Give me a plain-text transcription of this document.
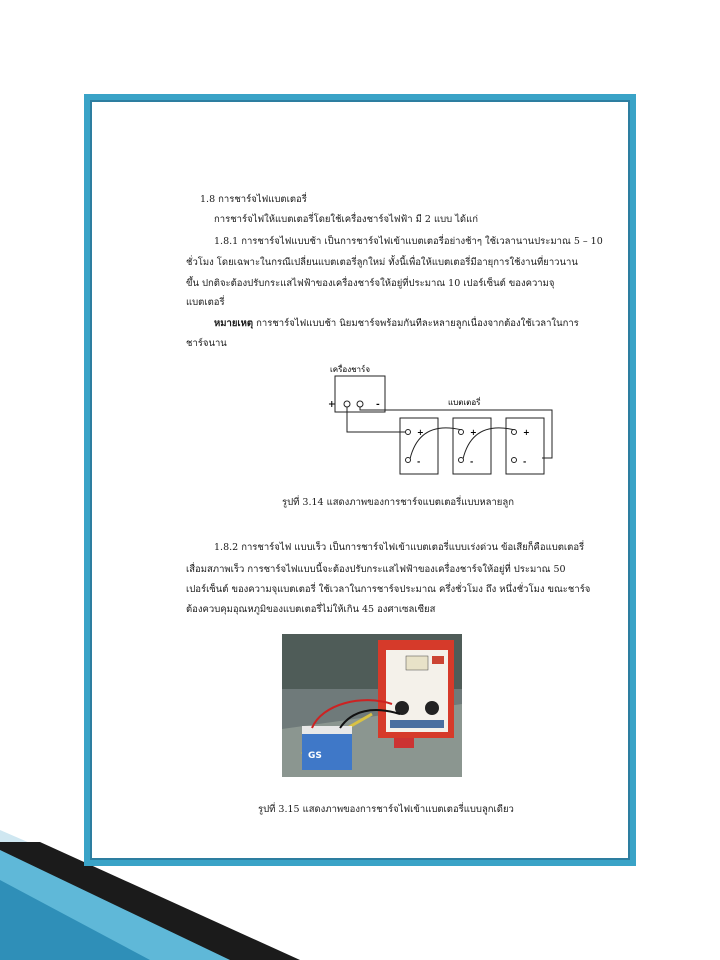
1.8 การชาร์จไฟแบตเตอรี่
การชาร์จไฟให้แบตเตอรี่โดยใช้เครื่องชาร์จไฟฟ้า มี 2 แบบ ได้แก่
1.8.1 การชาร์จไฟแบบช้า เป็นการชาร์จไฟเข้าแบตเตอรี่อย่างช้าๆ ใช้เวลานานประมาณ 5 – 10
ชั่วโมง โดยเฉพาะในกรณีเปลี่ยนแบตเตอรี่ลูกใหม่ ทั้งนี้เพื่อให้แบตเตอรี่มีอายุการใช้งานที่ยาวนาน
ขึ้น ปกติจะต้องปรับกระแสไฟฟ้าของเครื่องชาร์จให้อยู่ที่ประมาณ 10 เปอร์เซ็นต์ ของความจุ
แบตเตอรี่
หมายเหตุ การชาร์จไฟแบบช้า นิยมชาร์จพร้อมกันทีละหลายลูกเนื่องจากต้องใช้เวลาในการ
ชาร์จนาน
เครื่องชาร์จ
+	-	แบตเตอรี่
+
-
+
-
+
-
รูปที่ 3.14 แสดงภาพของการชาร์จแบตเตอรี่แบบหลายลูก
1.8.2 การชาร์จไฟ แบบเร็ว เป็นการชาร์จไฟเข้าแบตเตอรี่แบบเร่งด่วน ข้อเสียก็คือแบตเตอรี่
เสื่อมสภาพเร็ว การชาร์จไฟแบบนี้จะต้องปรับกระแสไฟฟ้าของเครื่องชาร์จให้อยู่ที่ ประมาณ 50
เปอร์เซ็นต์ ของความจุแบตเตอรี่ ใช้เวลาในการชาร์จประมาณ ครึ่งชั่วโมง ถึง หนึ่งชั่วโมง ขณะชาร์จ
ต้องควบคุมอุณหภูมิของแบตเตอรี่ไม่ให้เกิน 45 องศาเซลเซียส
GS
รูปที่ 3.15 แสดงภาพของการชาร์จไฟเข้าแบตเตอรี่แบบลูกเดียว
